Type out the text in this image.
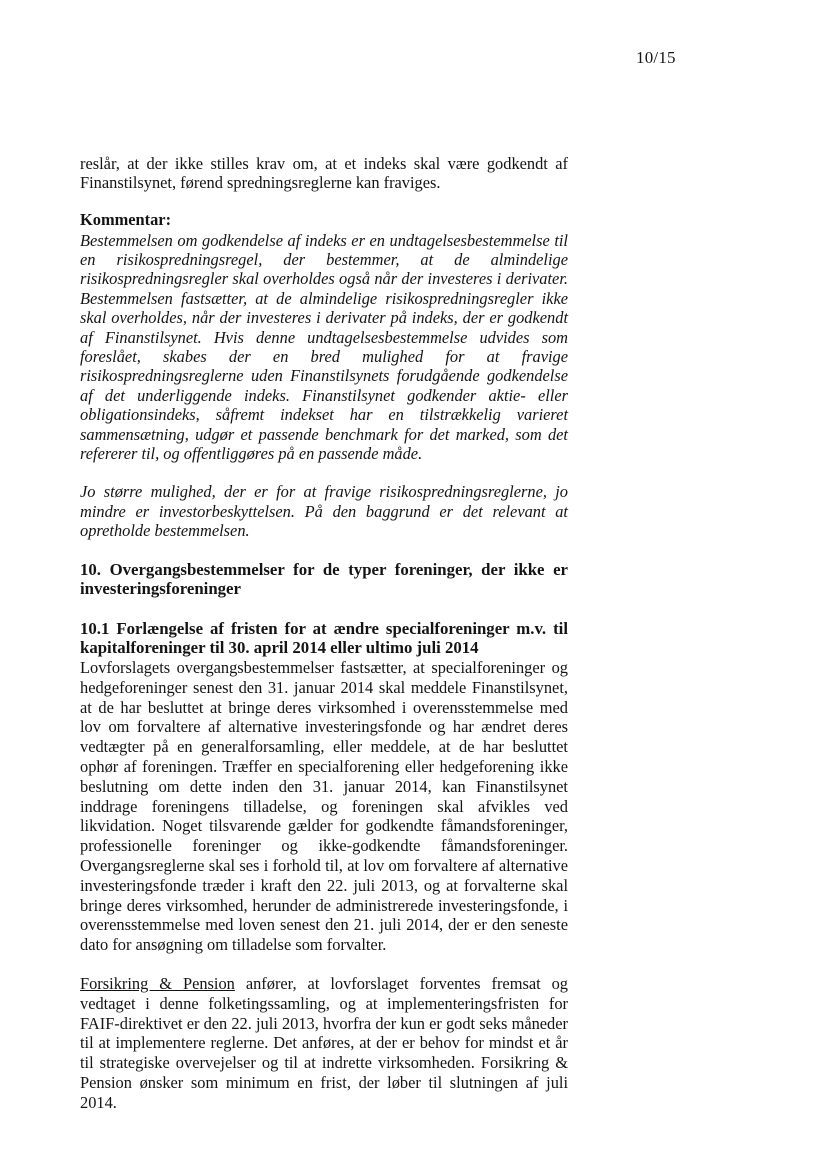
10/15

reslår, at der ikke stilles krav om, at et indeks skal være godkendt af Finanstilsynet, førend spredningsreglerne kan fraviges.

Kommentar:

Bestemmelsen om godkendelse af indeks er en undtagelsesbestemmelse til en risikospredningsregel, der bestemmer, at de almindelige risikospredningsregler skal overholdes også når der investeres i derivater. Bestemmelsen fastsætter, at de almindelige risikospredningsregler ikke skal overholdes, når der investeres i derivater på indeks, der er godkendt af Finanstilsynet. Hvis denne undtagelsesbestemmelse udvides som foreslået, skabes der en bred mulighed for at fravige risikospredningsreglerne uden Finanstilsynets forudgående godkendelse af det underliggende indeks. Finanstilsynet godkender aktie- eller obligationsindeks, såfremt indekset har en tilstrækkelig varieret sammensætning, udgør et passende benchmark for det marked, som det refererer til, og offentliggøres på en passende måde.

Jo større mulighed, der er for at fravige risikospredningsreglerne, jo mindre er investorbeskyttelsen. På den baggrund er det relevant at opretholde bestemmelsen.

10. Overgangsbestemmelser for de typer foreninger, der ikke er investeringsforeninger
10.1 Forlængelse af fristen for at ændre specialforeninger m.v. til kapitalforeninger til 30. april 2014 eller ultimo juli 2014

Lovforslagets overgangsbestemmelser fastsætter, at specialforeninger og hedgeforeninger senest den 31. januar 2014 skal meddele Finanstilsynet, at de har besluttet at bringe deres virksomhed i overensstemmelse med lov om forvaltere af alternative investeringsfonde og har ændret deres vedtægter på en generalforsamling, eller meddele, at de har besluttet ophør af foreningen. Træffer en specialforening eller hedgeforening ikke beslutning om dette inden den 31. januar 2014, kan Finanstilsynet inddrage foreningens tilladelse, og foreningen skal afvikles ved likvidation. Noget tilsvarende gælder for godkendte fåmandsforeninger, professionelle foreninger og ikke-godkendte fåmandsforeninger. Overgangsreglerne skal ses i forhold til, at lov om forvaltere af alternative investeringsfonde træder i kraft den 22. juli 2013, og at forvalterne skal bringe deres virksomhed, herunder de administrerede investeringsfonde, i overensstemmelse med loven senest den 21. juli 2014, der er den seneste dato for ansøgning om tilladelse som forvalter.

Forsikring & Pension anfører, at lovforslaget forventes fremsat og vedtaget i denne folketingssamling, og at implementeringsfristen for FAIF-direktivet er den 22. juli 2013, hvorfra der kun er godt seks måneder til at implementere reglerne. Det anføres, at der er behov for mindst et år til strategiske overvejelser og til at indrette virksomheden. Forsikring & Pension ønsker som minimum en frist, der løber til slutningen af juli 2014.
